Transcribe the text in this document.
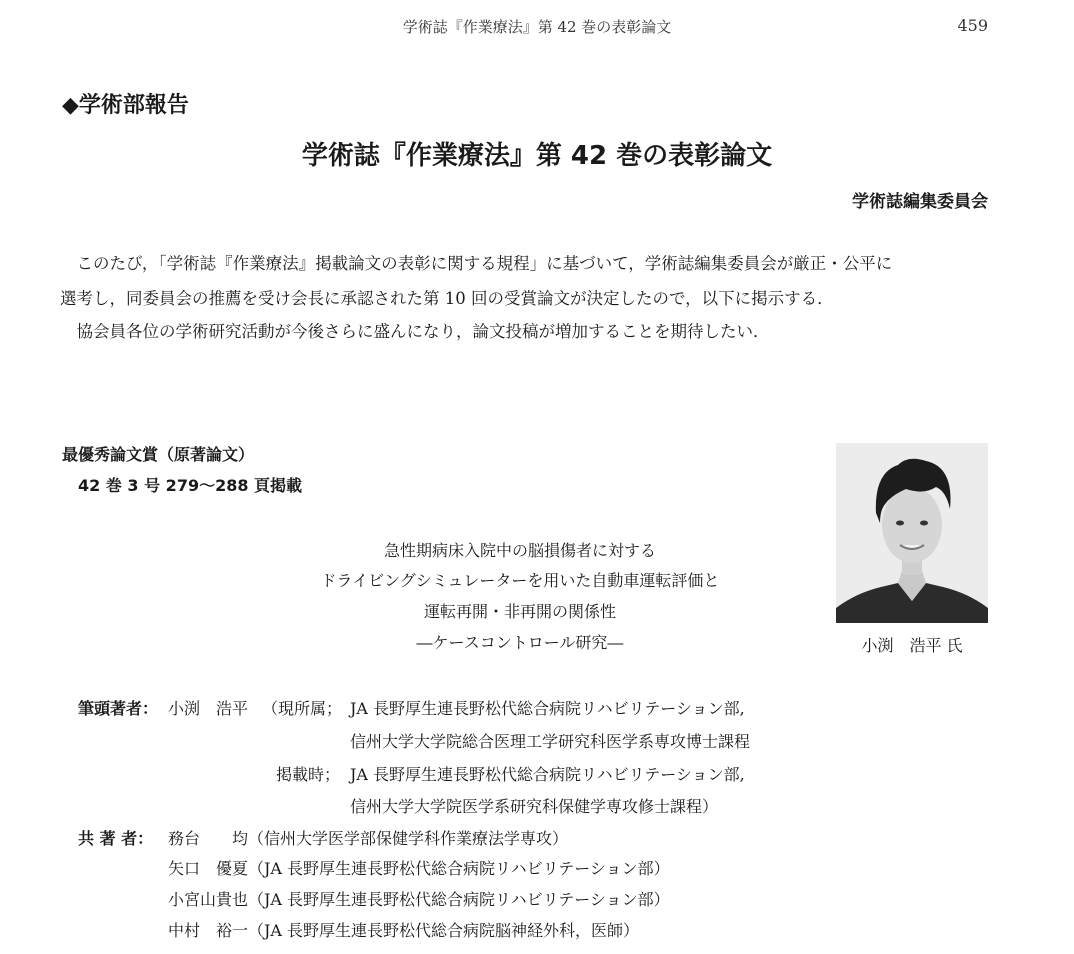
学術誌『作業療法』第 42 巻の表彰論文	459
◆学術部報告
学術誌『作業療法』第 42 巻の表彰論文
学術誌編集委員会
　このたび，「学術誌『作業療法』掲載論文の表彰に関する規程」に基づいて，学術誌編集委員会が厳正・公平に
選考し，同委員会の推薦を受け会長に承認された第 10 回の受賞論文が決定したので，以下に掲示する．
　協会員各位の学術研究活動が今後さらに盛んになり，論文投稿が増加することを期待したい．
最優秀論文賞（原著論文）
42 巻 3 号 279〜288 頁掲載
急性期病床入院中の脳損傷者に対する
ドライビングシミュレーターを用いた自動車運転評価と
運転再開・非再開の関係性
―ケースコントロール研究―	小渕　浩平 氏
筆頭著者： 小渕　浩平 （現所属； JA 長野厚生連長野松代総合病院リハビリテーション部,
信州大学大学院総合医理工学研究科医学系専攻博士課程
掲載時； JA 長野厚生連長野松代総合病院リハビリテーション部,
信州大学大学院医学系研究科保健学専攻修士課程）
共 著 者： 務台　　均（信州大学医学部保健学科作業療法学専攻）
矢口　優夏（JA 長野厚生連長野松代総合病院リハビリテーション部）
小宮山貴也（JA 長野厚生連長野松代総合病院リハビリテーション部）
中村　裕一（JA 長野厚生連長野松代総合病院脳神経外科，医師）
